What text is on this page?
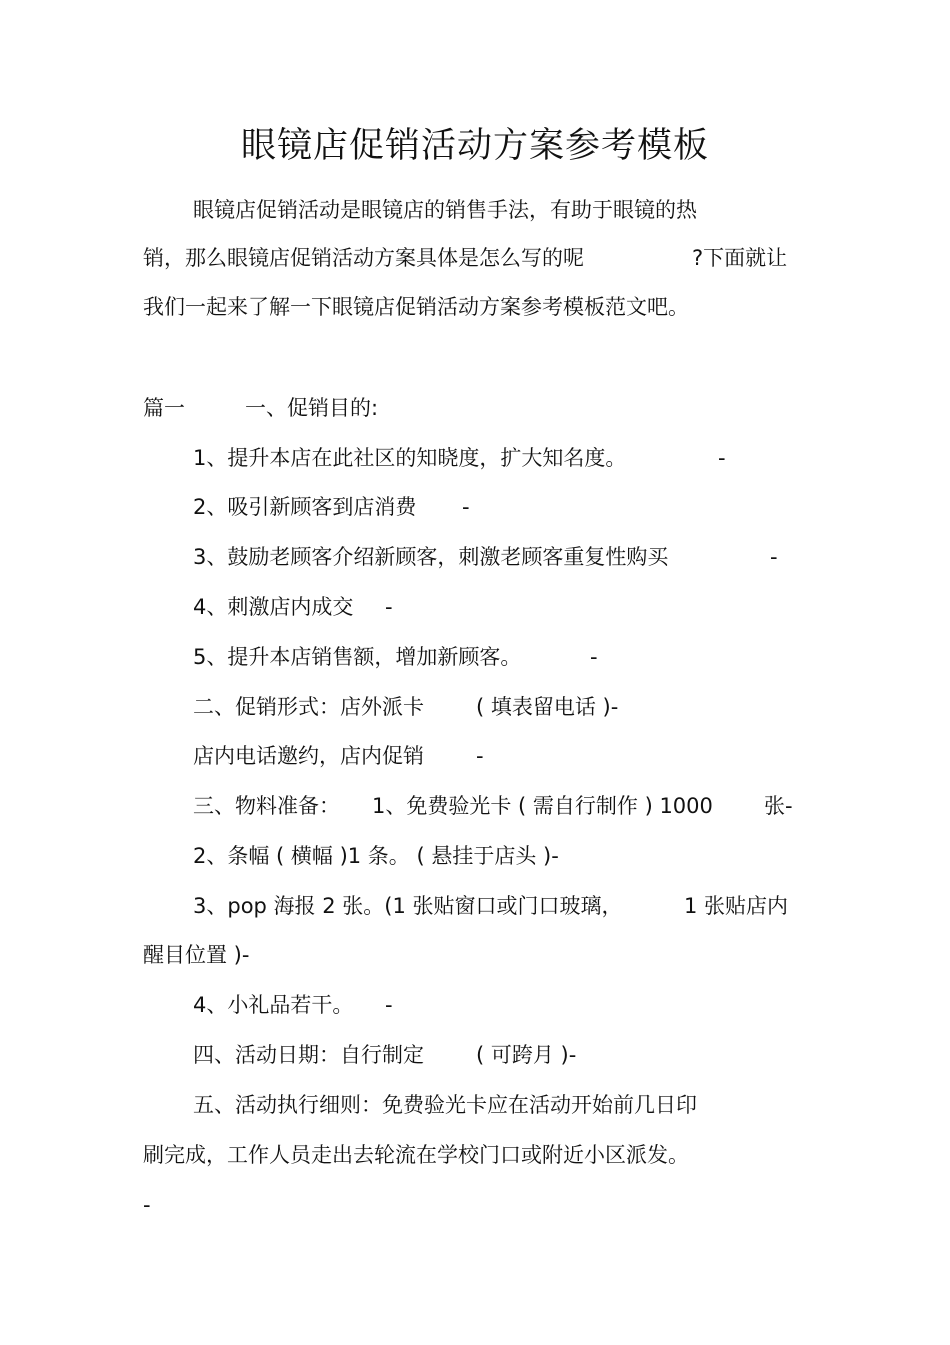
眼镜店促销活动方案参考模板
眼镜店促销活动是眼镜店的销售手法，有助于眼镜的热
销，那么眼镜店促销活动方案具体是怎么写的呢	?下面就让
我们一起来了解一下眼镜店促销活动方案参考模板范文吧。
篇一	一、促销目的:
1、提升本店在此社区的知晓度，扩大知名度。	-
2、吸引新顾客到店消费 -
3、鼓励老顾客介绍新顾客，刺激老顾客重复性购买	-
4、刺激店内成交 -
5、提升本店销售额，增加新顾客。	-
二、促销形式：店外派卡 ( 填表留电话 )-
店内电话邀约，店内促销 -
三、物料准备： 1、免费验光卡 ( 需自行制作 ) 1000 张-
2、条幅 ( 横幅 )1 条。 ( 悬挂于店头 )-
3、pop 海报 2 张。(1 张贴窗口或门口玻璃，	1 张贴店内
醒目位置 )-
4、小礼品若干。 -
四、活动日期：自行制定 ( 可跨月 )-
五、活动执行细则：免费验光卡应在活动开始前几日印
刷完成，工作人员走出去轮流在学校门口或附近小区派发。
-
